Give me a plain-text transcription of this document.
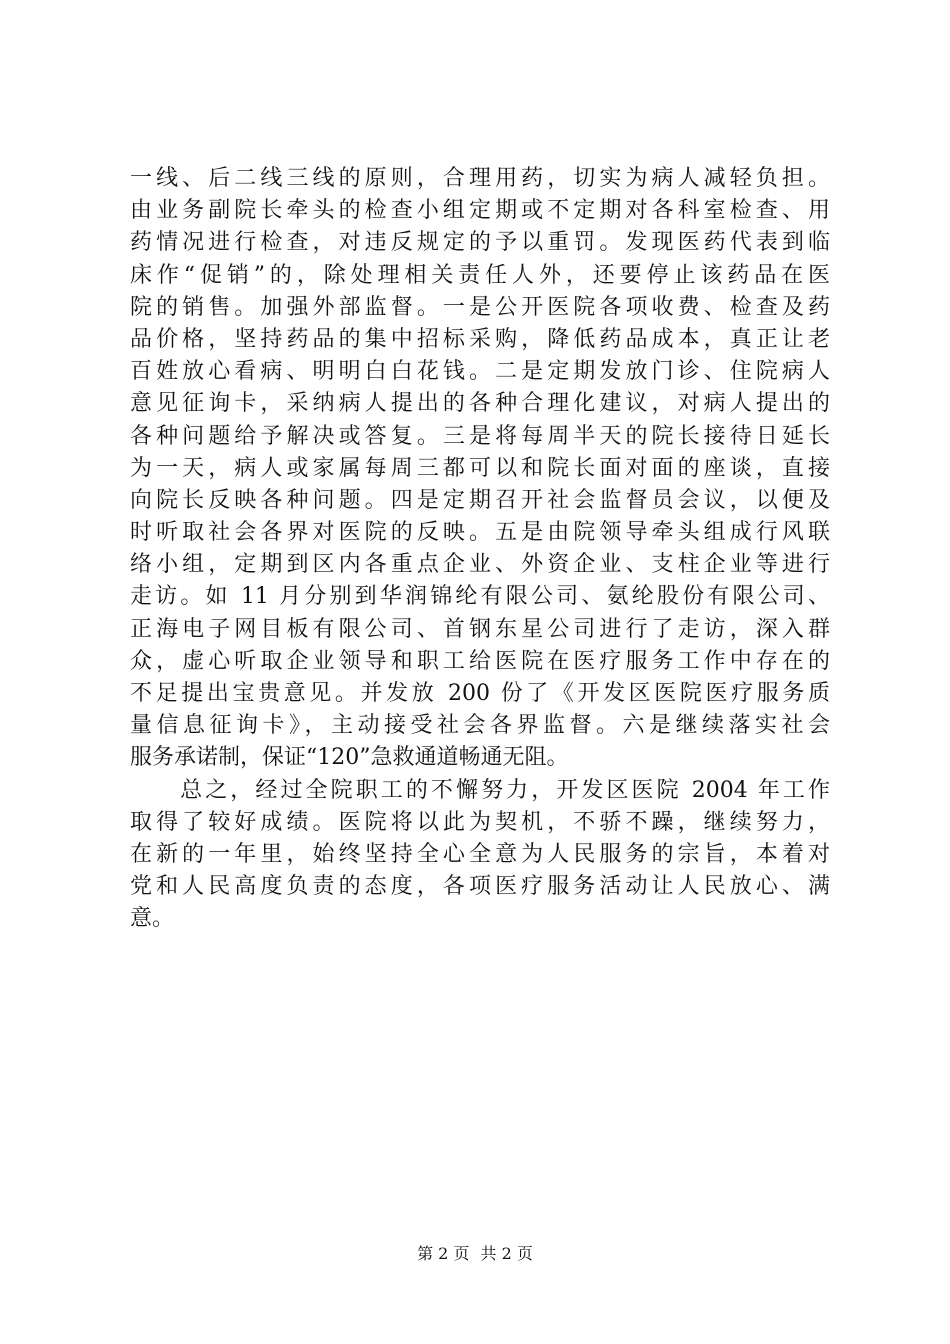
一线、后二线三线的原则，合理用药，切实为病人减轻负担。
由业务副院长牵头的检查小组定期或不定期对各科室检查、用
药情况进行检查，对违反规定的予以重罚。发现医药代表到临
床作“促销”的，除处理相关责任人外，还要停止该药品在医
院的销售。加强外部监督。一是公开医院各项收费、检查及药
品价格，坚持药品的集中招标采购，降低药品成本，真正让老
百姓放心看病、明明白白花钱。二是定期发放门诊、住院病人
意见征询卡，采纳病人提出的各种合理化建议，对病人提出的
各种问题给予解决或答复。三是将每周半天的院长接待日延长
为一天，病人或家属每周三都可以和院长面对面的座谈，直接
向院长反映各种问题。四是定期召开社会监督员会议，以便及
时听取社会各界对医院的反映。五是由院领导牵头组成行风联
络小组，定期到区内各重点企业、外资企业、支柱企业等进行
走访。如 11 月分别到华润锦纶有限公司、氨纶股份有限公司、
正海电子网目板有限公司、首钢东星公司进行了走访，深入群
众，虚心听取企业领导和职工给医院在医疗服务工作中存在的
不足提出宝贵意见。并发放 200 份了《开发区医院医疗服务质
量信息征询卡》，主动接受社会各界监督。六是继续落实社会
服务承诺制，保证“120”急救通道畅通无阻。
　　总之，经过全院职工的不懈努力，开发区医院 2004 年工作
取得了较好成绩。医院将以此为契机，不骄不躁，继续努力，
在新的一年里，始终坚持全心全意为人民服务的宗旨，本着对
党和人民高度负责的态度，各项医疗服务活动让人民放心、满
意。
第 2 页 共 2 页
